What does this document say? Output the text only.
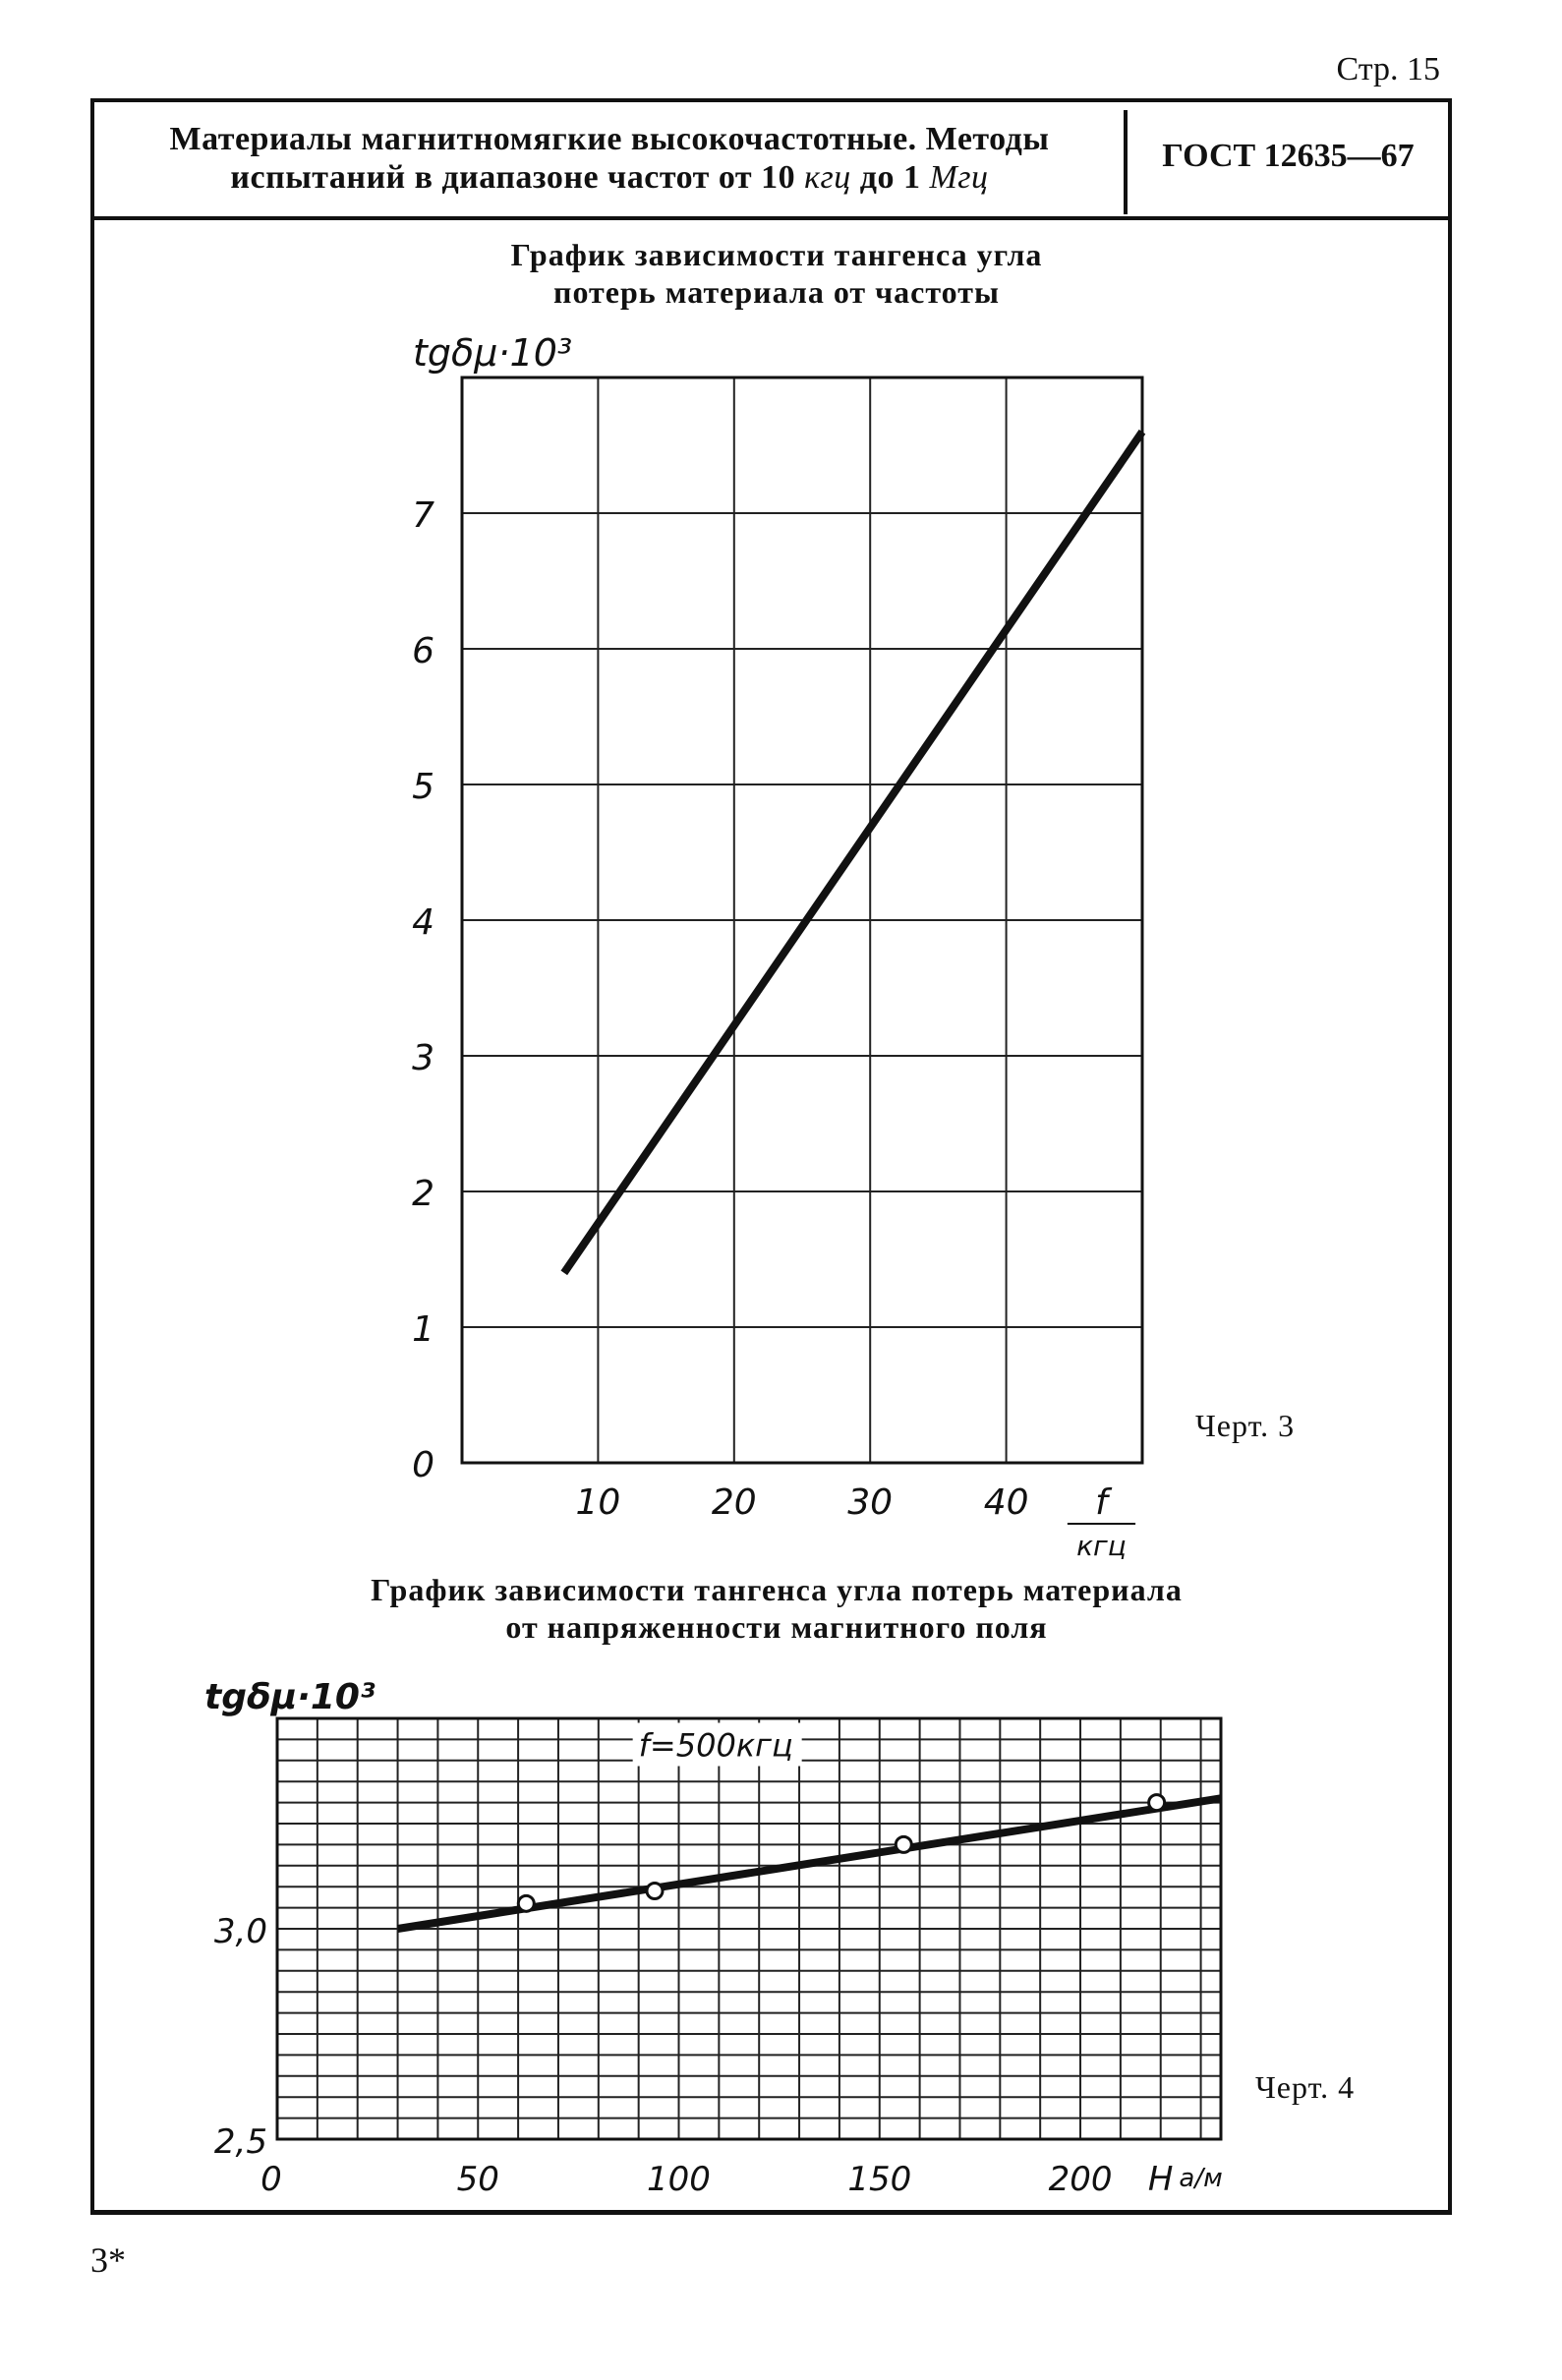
Стр. 15
Материалы магнитномягкие высокочастотные. Методы
испытаний в диапазоне частот от 10 кгц до 1 Мгц
ГОСТ 12635—67
График зависимости тангенса угла
потерь материала от частоты
Черт. 3
График зависимости тангенса угла потерь материала
от напряженности магнитного поля
Черт. 4
3*
0
1
2
3
4
5
6
7
10	20	30	40
tgδμ·10³
f
кгц
2,5
3,0
0	50	100	150	200
tgδμ·10³
H а/м
f=500кгц
